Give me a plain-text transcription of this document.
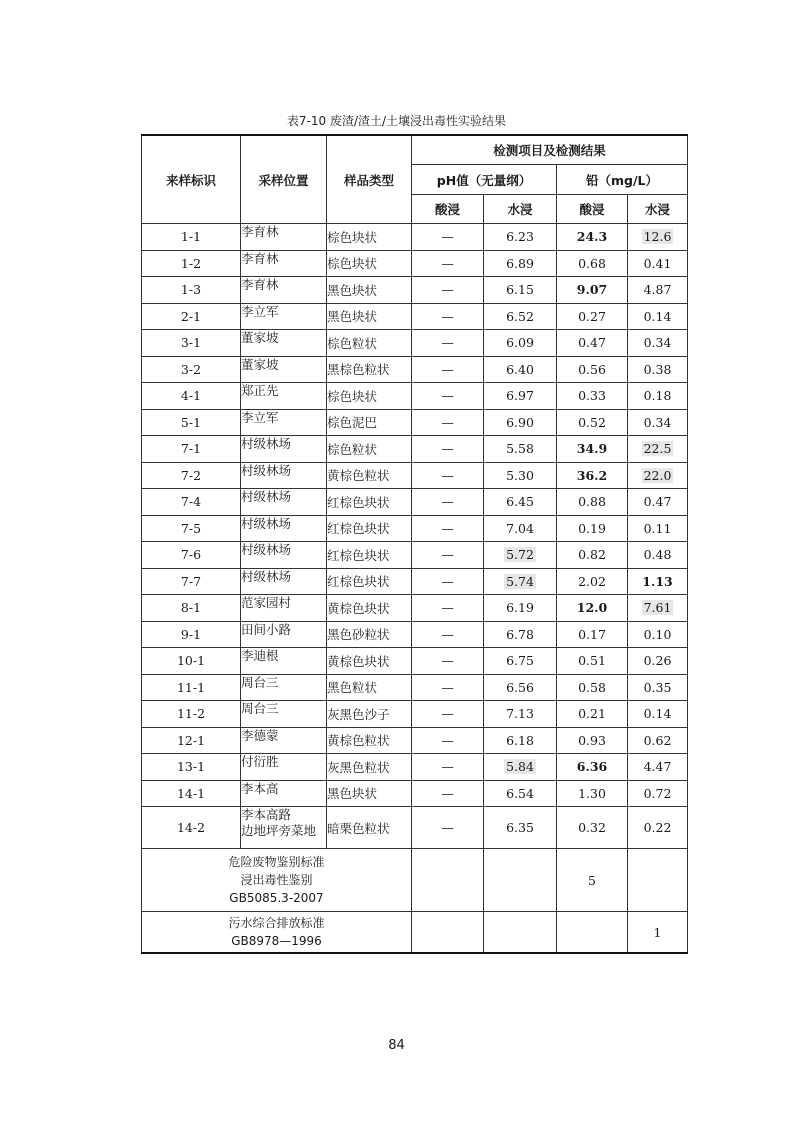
表7-10 废渣/渣土/土壤浸出毒性实验结果
来样标识	采样位置	样品类型	检测项目及检测结果			
			pH值（无量纲）		铅（mg/L）	
			酸浸	水浸	酸浸	水浸
1-1	李育林	棕色块状	—	6.23	24.3	12.6
1-2	李育林	棕色块状	—	6.89	0.68	0.41
1-3	李育林	黑色块状	—	6.15	9.07	4.87
2-1	李立军	黑色块状	—	6.52	0.27	0.14
3-1	董家坡	棕色粒状	—	6.09	0.47	0.34
3-2	董家坡	黑棕色粒状	—	6.40	0.56	0.38
4-1	郑正先	棕色块状	—	6.97	0.33	0.18
5-1	李立军	棕色泥巴	—	6.90	0.52	0.34
7-1	村级林场	棕色粒状	—	5.58	34.9	22.5
7-2	村级林场	黄棕色粒状	—	5.30	36.2	22.0
7-4	村级林场	红棕色块状	—	6.45	0.88	0.47
7-5	村级林场	红棕色块状	—	7.04	0.19	0.11
7-6	村级林场	红棕色块状	—	5.72	0.82	0.48
7-7	村级林场	红棕色块状	—	5.74	2.02	1.13
8-1	范家园村	黄棕色块状	—	6.19	12.0	7.61
9-1	田间小路	黑色砂粒状	—	6.78	0.17	0.10
10-1	李迪根	黄棕色块状	—	6.75	0.51	0.26
11-1	周台三	黑色粒状	—	6.56	0.58	0.35
11-2	周台三	灰黑色沙子	—	7.13	0.21	0.14
12-1	李德蒙	黄棕色粒状	—	6.18	0.93	0.62
13-1	付衍胜	灰黑色粒状	—	5.84	6.36	4.47
14-1	李本高	黑色块状	—	6.54	1.30	0.72
14-2	李本高路
边地坪旁菜地	暗栗色粒状	—	6.35	0.32	0.22
危险废物鉴别标准
浸出毒性鉴别
GB5085.3-2007					5	
污水综合排放标准
GB8978—1996						1
84
